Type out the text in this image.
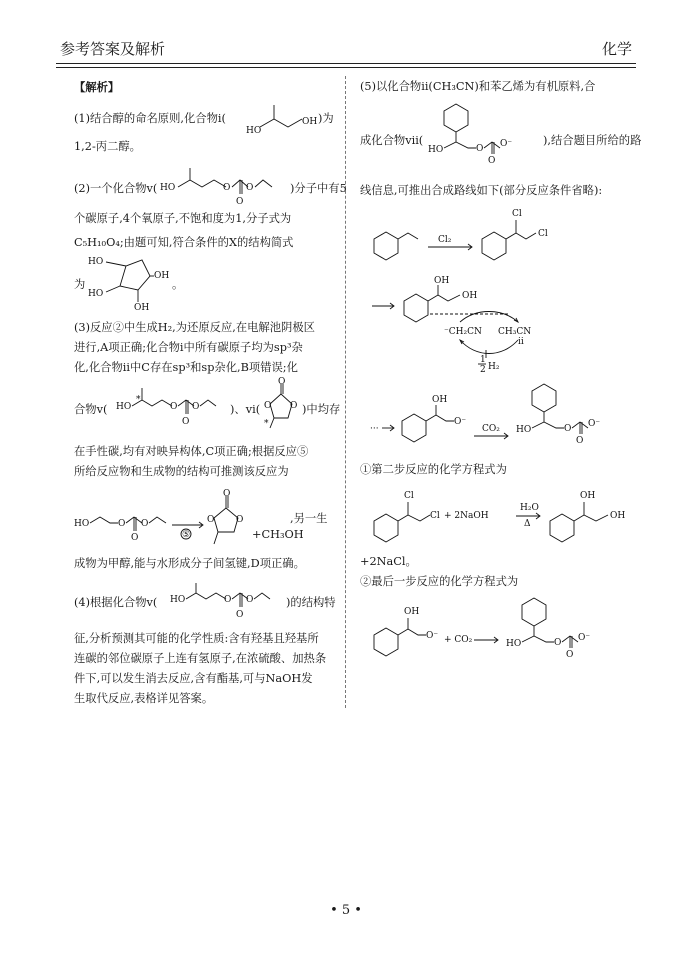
参考答案及解析	化学
【解析】
(1)结合醇的命名原则,化合物ⅰ(
HO
OH )为
1,2-丙二醇。
(2)一个化合物ⅴ( HO	O
O
O	)分子中有5
个碳原子,4个氧原子,不饱和度为1,分子式为
C₅H₁₀O₄;由题可知,符合条件的X的结构简式
为
HO
OH
HO
OH
。
(3)反应②中生成H₂,为还原反应,在电解池阴极区
进行,A项正确;化合物ⅰ中所有碳原子均为sp³杂
化,化合物ⅱ中C存在sp³和sp杂化,B项错误;化
合物ⅴ( HO
*
O
O
O	)、ⅵ(
O
O O
*
)中均存
在手性碳,均有对映异构体,C项正确;根据反应⑤
所给反应物和生成物的结构可推测该反应为
HO	O
O
O
⑤
O
O O
+CH₃OH
,另一生
成物为甲醇,能与水形成分子间氢键,D项正确。
(4)根据化合物ⅴ( HO	O
O
O	)的结构特
征,分析预测其可能的化学性质:含有羟基且羟基所
连碳的邻位碳原子上连有氢原子,在浓硫酸、加热条
件下,可以发生消去反应,含有酯基,可与NaOH发
生取代反应,表格详见答案。
(5)以化合物ⅱ(CH₃CN)和苯乙烯为有机原料,合
成化合物ⅶ(
HO	O
O
O⁻	),结合题目所给的路
线信息,可推出合成路线如下(部分反应条件省略):
Cl₂
Cl
Cl
OH
OH
⁻CH₂CN CH₃CN
ⅱ
1
2 H₂
···
OH
O⁻
CO₂ HO	O
O
O⁻
①第二步反应的化学方程式为
Cl
Cl + 2NaOH
H₂O
Δ
OH
OH
+2NaCl。
②最后一步反应的化学方程式为
OH
O⁻ + CO₂	HO	O
O
O⁻
• 5 •
